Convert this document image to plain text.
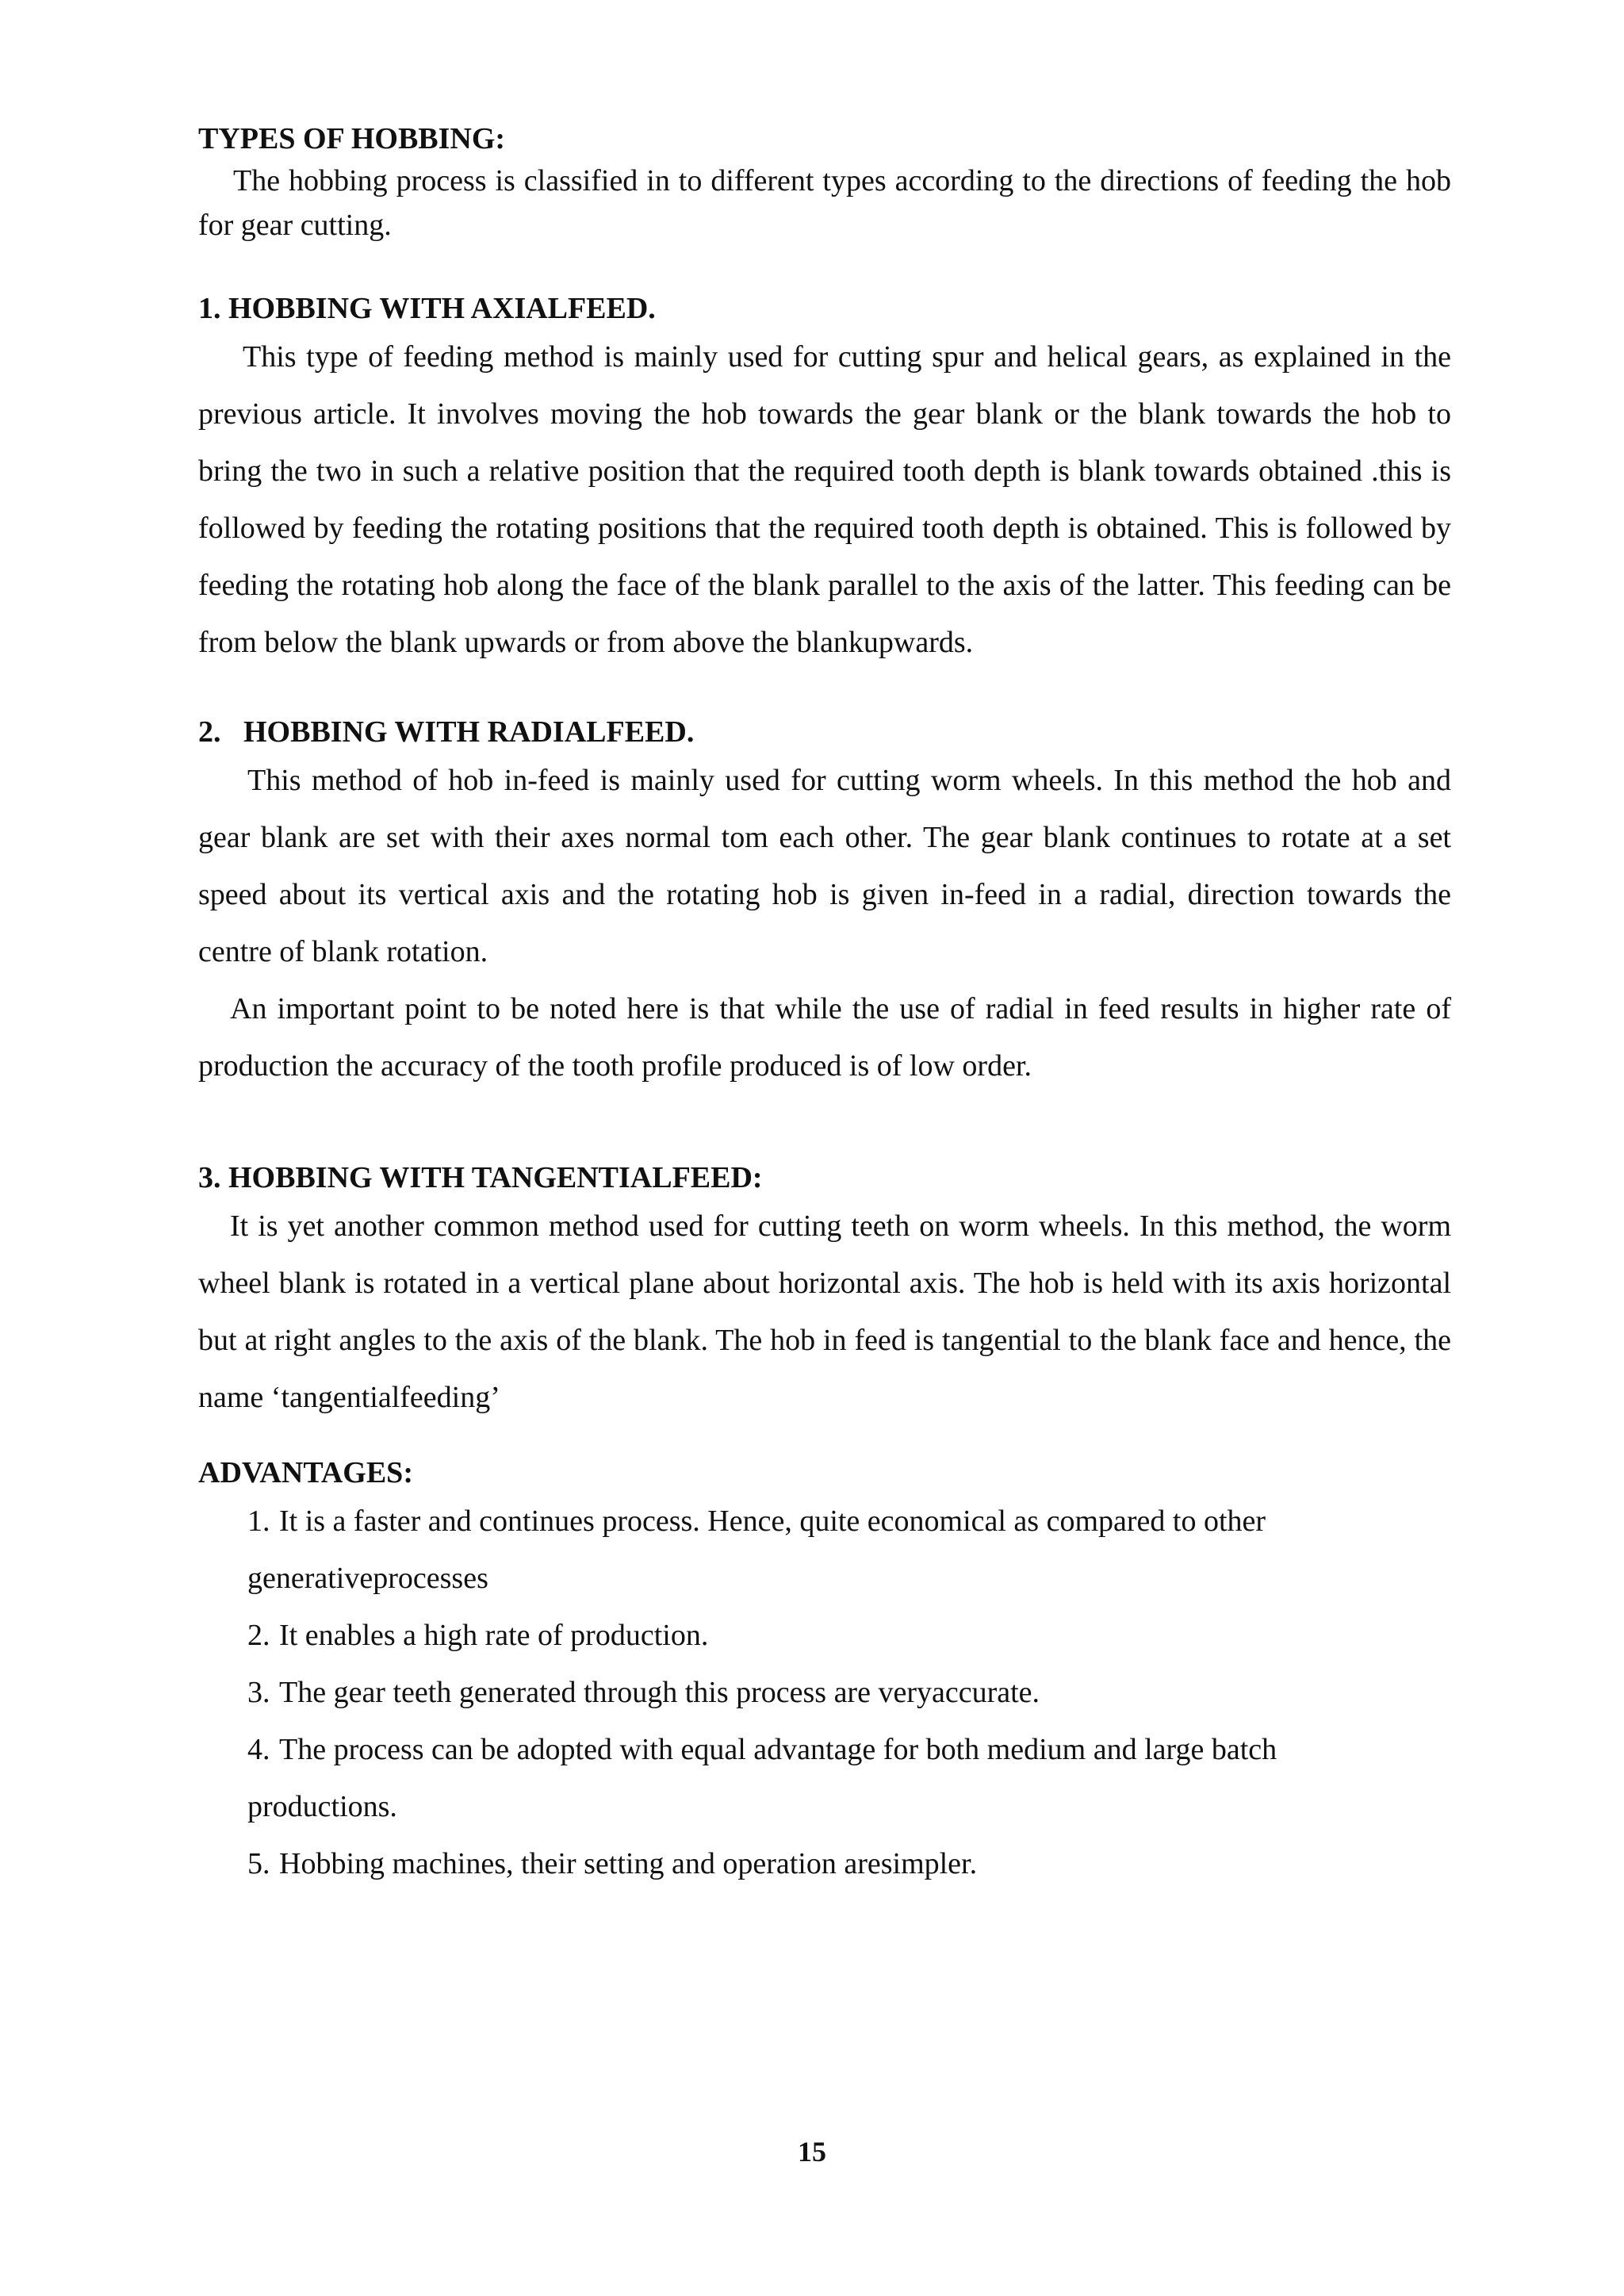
TYPES OF HOBBING:

The hobbing process is classified in to different types according to the directions of feeding the hob for gear cutting.

1. HOBBING WITH AXIALFEED.

This type of feeding method is mainly used for cutting spur and helical gears, as explained in the previous article. It involves moving the hob towards the gear blank or the blank towards the hob to bring the two in such a relative position that the required tooth depth is blank towards obtained .this is followed by feeding the rotating positions that the required tooth depth is obtained. This is followed by feeding the rotating hob along the face of the blank parallel to the axis of the latter. This feeding can be from below the blank upwards or from above the blankupwards.

2.   HOBBING WITH RADIALFEED.

This method of hob in-feed is mainly used for cutting worm wheels. In this method the hob and gear blank are set with their axes normal tom each other. The gear blank continues to rotate at a set speed about its vertical axis and the rotating hob is given in-feed in a radial, direction towards the centre of blank rotation.

An important point to be noted here is that while the use of radial in feed results in higher rate of production the accuracy of the tooth profile produced is of low order.

3. HOBBING WITH TANGENTIALFEED:

It is yet another common method used for cutting teeth on worm wheels. In this method, the worm wheel blank is rotated in a vertical plane about horizontal axis. The hob is held with its axis horizontal but at right angles to the axis of the blank. The hob in feed is tangential to the blank face and hence, the name ‘tangentialfeeding’

ADVANTAGES:
1. It is a faster and continues process. Hence, quite economical as compared to other
generativeprocesses
2. It enables a high rate of production.
3. The gear teeth generated through this process are veryaccurate.
4. The process can be adopted with equal advantage for both medium and large batch
productions.
5. Hobbing machines, their setting and operation aresimpler.
15
